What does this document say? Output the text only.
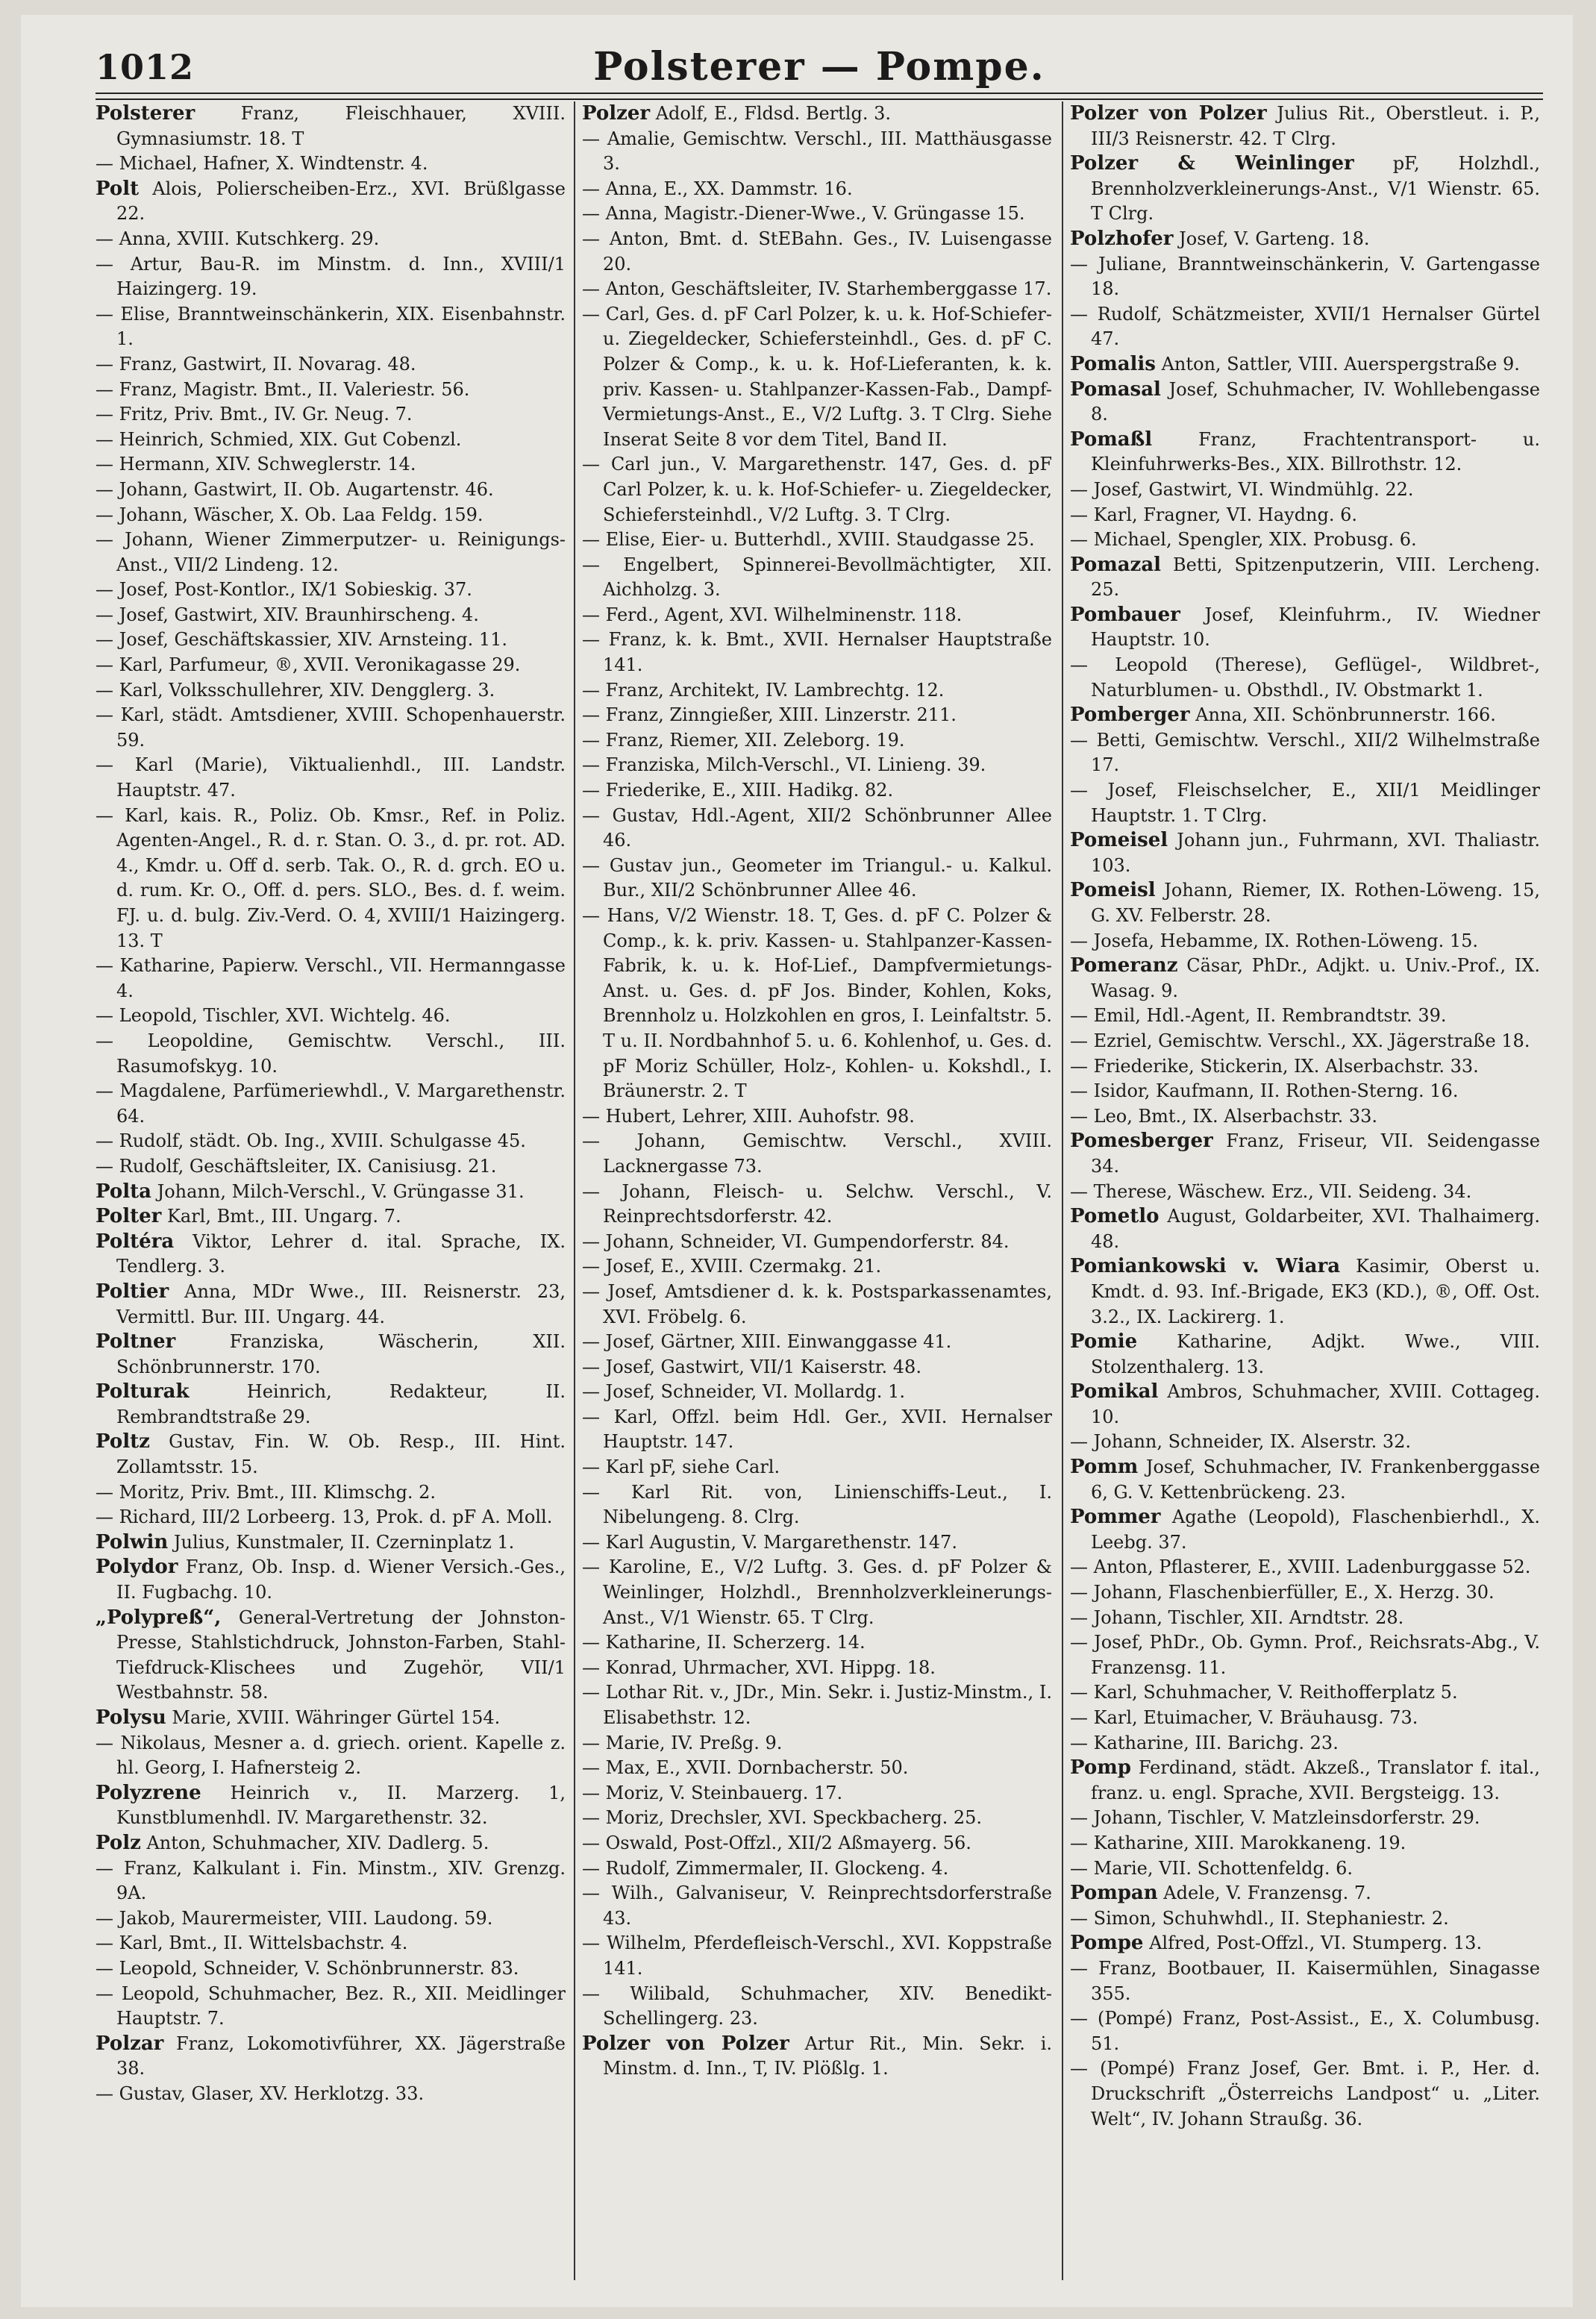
1012	Polsterer — Pompe.

Polsterer Franz, Fleischhauer, XVIII. Gymnasiumstr. 18. T

— Michael, Hafner, X. Windtenstr. 4.

Polt Alois, Polierscheiben-Erz., XVI. Brüßlgasse 22.

— Anna, XVIII. Kutschkerg. 29.

— Artur, Bau-R. im Minstm. d. Inn., XVIII/1 Haizingerg. 19.

— Elise, Branntweinschänkerin, XIX. Eisenbahnstr. 1.

— Franz, Gastwirt, II. Novarag. 48.

— Franz, Magistr. Bmt., II. Valeriestr. 56.

— Fritz, Priv. Bmt., IV. Gr. Neug. 7.

— Heinrich, Schmied, XIX. Gut Cobenzl.

— Hermann, XIV. Schweglerstr. 14.

— Johann, Gastwirt, II. Ob. Augartenstr. 46.

— Johann, Wäscher, X. Ob. Laa Feldg. 159.

— Johann, Wiener Zimmerputzer- u. Reinigungs-Anst., VII/2 Lindeng. 12.

— Josef, Post-Kontlor., IX/1 Sobieskig. 37.

— Josef, Gastwirt, XIV. Braunhirscheng. 4.

— Josef, Geschäftskassier, XIV. Arnsteing. 11.

— Karl, Parfumeur, ®, XVII. Veronikagasse 29.

— Karl, Volksschullehrer, XIV. Dengglerg. 3.

— Karl, städt. Amtsdiener, XVIII. Schopenhauerstr. 59.

— Karl (Marie), Viktualienhdl., III. Landstr. Hauptstr. 47.

— Karl, kais. R., Poliz. Ob. Kmsr., Ref. in Poliz. Agenten-Angel., R. d. r. Stan. O. 3., d. pr. rot. AD. 4., Kmdr. u. Off d. serb. Tak. O., R. d. grch. EO u. d. rum. Kr. O., Off. d. pers. SLO., Bes. d. f. weim. FJ. u. d. bulg. Ziv.-Verd. O. 4, XVIII/1 Haizingerg. 13. T

— Katharine, Papierw. Verschl., VII. Hermanngasse 4.

— Leopold, Tischler, XVI. Wichtelg. 46.

— Leopoldine, Gemischtw. Verschl., III. Rasumofskyg. 10.

— Magdalene, Parfümeriewhdl., V. Margarethenstr. 64.

— Rudolf, städt. Ob. Ing., XVIII. Schulgasse 45.

— Rudolf, Geschäftsleiter, IX. Canisiusg. 21.

Polta Johann, Milch-Verschl., V. Grüngasse 31.

Polter Karl, Bmt., III. Ungarg. 7.

Poltéra Viktor, Lehrer d. ital. Sprache, IX. Tendlerg. 3.

Poltier Anna, MDr Wwe., III. Reisnerstr. 23, Vermittl. Bur. III. Ungarg. 44.

Poltner Franziska, Wäscherin, XII. Schönbrunnerstr. 170.

Polturak Heinrich, Redakteur, II. Rembrandtstraße 29.

Poltz Gustav, Fin. W. Ob. Resp., III. Hint. Zollamtsstr. 15.

— Moritz, Priv. Bmt., III. Klimschg. 2.

— Richard, III/2 Lorbeerg. 13, Prok. d. pF A. Moll.

Polwin Julius, Kunstmaler, II. Czerninplatz 1.

Polydor Franz, Ob. Insp. d. Wiener Versich.-Ges., II. Fugbachg. 10.

„Polypreß“, General-Vertretung der Johnston-Presse, Stahlstichdruck, Johnston-Farben, Stahl-Tiefdruck-Klischees und Zugehör, VII/1 Westbahnstr. 58.

Polysu Marie, XVIII. Währinger Gürtel 154.

— Nikolaus, Mesner a. d. griech. orient. Kapelle z. hl. Georg, I. Hafnersteig 2.

Polyzrene Heinrich v., II. Marzerg. 1, Kunstblumenhdl. IV. Margarethenstr. 32.

Polz Anton, Schuhmacher, XIV. Dadlerg. 5.

— Franz, Kalkulant i. Fin. Minstm., XIV. Grenzg. 9A.

— Jakob, Maurermeister, VIII. Laudong. 59.

— Karl, Bmt., II. Wittelsbachstr. 4.

— Leopold, Schneider, V. Schönbrunnerstr. 83.

— Leopold, Schuhmacher, Bez. R., XII. Meidlinger Hauptstr. 7.

Polzar Franz, Lokomotivführer, XX. Jägerstraße 38.

— Gustav, Glaser, XV. Herklotzg. 33.

Polzer Adolf, E., Fldsd. Bertlg. 3.

— Amalie, Gemischtw. Verschl., III. Matthäusgasse 3.

— Anna, E., XX. Dammstr. 16.

— Anna, Magistr.-Diener-Wwe., V. Grüngasse 15.

— Anton, Bmt. d. StEBahn. Ges., IV. Luisengasse 20.

— Anton, Geschäftsleiter, IV. Starhemberggasse 17.

— Carl, Ges. d. pF Carl Polzer, k. u. k. Hof-Schiefer- u. Ziegeldecker, Schiefersteinhdl., Ges. d. pF C. Polzer & Comp., k. u. k. Hof-Lieferanten, k. k. priv. Kassen- u. Stahlpanzer-Kassen-Fab., Dampf-Vermietungs-Anst., E., V/2 Luftg. 3. T Clrg. Siehe Inserat Seite 8 vor dem Titel, Band II.

— Carl jun., V. Margarethenstr. 147, Ges. d. pF Carl Polzer, k. u. k. Hof-Schiefer- u. Ziegeldecker, Schiefersteinhdl., V/2 Luftg. 3. T Clrg.

— Elise, Eier- u. Butterhdl., XVIII. Staudgasse 25.

— Engelbert, Spinnerei-Bevollmächtigter, XII. Aichholzg. 3.

— Ferd., Agent, XVI. Wilhelminenstr. 118.

— Franz, k. k. Bmt., XVII. Hernalser Hauptstraße 141.

— Franz, Architekt, IV. Lambrechtg. 12.

— Franz, Zinngießer, XIII. Linzerstr. 211.

— Franz, Riemer, XII. Zeleborg. 19.

— Franziska, Milch-Verschl., VI. Linieng. 39.

— Friederike, E., XIII. Hadikg. 82.

— Gustav, Hdl.-Agent, XII/2 Schönbrunner Allee 46.

— Gustav jun., Geometer im Triangul.- u. Kalkul. Bur., XII/2 Schönbrunner Allee 46.

— Hans, V/2 Wienstr. 18. T, Ges. d. pF C. Polzer & Comp., k. k. priv. Kassen- u. Stahlpanzer-Kassen-Fabrik, k. u. k. Hof-Lief., Dampfvermietungs-Anst. u. Ges. d. pF Jos. Binder, Kohlen, Koks, Brennholz u. Holzkohlen en gros, I. Leinfaltstr. 5. T u. II. Nordbahnhof 5. u. 6. Kohlenhof, u. Ges. d. pF Moriz Schüller, Holz-, Kohlen- u. Kokshdl., I. Bräunerstr. 2. T

— Hubert, Lehrer, XIII. Auhofstr. 98.

— Johann, Gemischtw. Verschl., XVIII. Lacknergasse 73.

— Johann, Fleisch- u. Selchw. Verschl., V. Reinprechtsdorferstr. 42.

— Johann, Schneider, VI. Gumpendorferstr. 84.

— Josef, E., XVIII. Czermakg. 21.

— Josef, Amtsdiener d. k. k. Postsparkassenamtes, XVI. Fröbelg. 6.

— Josef, Gärtner, XIII. Einwanggasse 41.

— Josef, Gastwirt, VII/1 Kaiserstr. 48.

— Josef, Schneider, VI. Mollardg. 1.

— Karl, Offzl. beim Hdl. Ger., XVII. Hernalser Hauptstr. 147.

— Karl pF, siehe Carl.

— Karl Rit. von, Linienschiffs-Leut., I. Nibelungeng. 8. Clrg.

— Karl Augustin, V. Margarethenstr. 147.

— Karoline, E., V/2 Luftg. 3. Ges. d. pF Polzer & Weinlinger, Holzhdl., Brennholzverkleinerungs-Anst., V/1 Wienstr. 65. T Clrg.

— Katharine, II. Scherzerg. 14.

— Konrad, Uhrmacher, XVI. Hippg. 18.

— Lothar Rit. v., JDr., Min. Sekr. i. Justiz-Minstm., I. Elisabethstr. 12.

— Marie, IV. Preßg. 9.

— Max, E., XVII. Dornbacherstr. 50.

— Moriz, V. Steinbauerg. 17.

— Moriz, Drechsler, XVI. Speckbacherg. 25.

— Oswald, Post-Offzl., XII/2 Aßmayerg. 56.

— Rudolf, Zimmermaler, II. Glockeng. 4.

— Wilh., Galvaniseur, V. Reinprechtsdorferstraße 43.

— Wilhelm, Pferdefleisch-Verschl., XVI. Koppstraße 141.

— Wilibald, Schuhmacher, XIV. Benedikt-Schellingerg. 23.

Polzer von Polzer Artur Rit., Min. Sekr. i. Minstm. d. Inn., T, IV. Plößlg. 1.

Polzer von Polzer Julius Rit., Oberstleut. i. P., III/3 Reisnerstr. 42. T Clrg.

Polzer & Weinlinger pF, Holzhdl., Brennholzverkleinerungs-Anst., V/1 Wienstr. 65. T Clrg.

Polzhofer Josef, V. Garteng. 18.

— Juliane, Branntweinschänkerin, V. Gartengasse 18.

— Rudolf, Schätzmeister, XVII/1 Hernalser Gürtel 47.

Pomalis Anton, Sattler, VIII. Auerspergstraße 9.

Pomasal Josef, Schuhmacher, IV. Wohllebengasse 8.

Pomaßl Franz, Frachtentransport- u. Kleinfuhrwerks-Bes., XIX. Billrothstr. 12.

— Josef, Gastwirt, VI. Windmühlg. 22.

— Karl, Fragner, VI. Haydng. 6.

— Michael, Spengler, XIX. Probusg. 6.

Pomazal Betti, Spitzenputzerin, VIII. Lercheng. 25.

Pombauer Josef, Kleinfuhrm., IV. Wiedner Hauptstr. 10.

— Leopold (Therese), Geflügel-, Wildbret-, Naturblumen- u. Obsthdl., IV. Obstmarkt 1.

Pomberger Anna, XII. Schönbrunnerstr. 166.

— Betti, Gemischtw. Verschl., XII/2 Wilhelmstraße 17.

— Josef, Fleischselcher, E., XII/1 Meidlinger Hauptstr. 1. T Clrg.

Pomeisel Johann jun., Fuhrmann, XVI. Thaliastr. 103.

Pomeisl Johann, Riemer, IX. Rothen-Löweng. 15, G. XV. Felberstr. 28.

— Josefa, Hebamme, IX. Rothen-Löweng. 15.

Pomeranz Cäsar, PhDr., Adjkt. u. Univ.-Prof., IX. Wasag. 9.

— Emil, Hdl.-Agent, II. Rembrandtstr. 39.

— Ezriel, Gemischtw. Verschl., XX. Jägerstraße 18.

— Friederike, Stickerin, IX. Alserbachstr. 33.

— Isidor, Kaufmann, II. Rothen-Sterng. 16.

— Leo, Bmt., IX. Alserbachstr. 33.

Pomesberger Franz, Friseur, VII. Seidengasse 34.

— Therese, Wäschew. Erz., VII. Seideng. 34.

Pometlo August, Goldarbeiter, XVI. Thalhaimerg. 48.

Pomiankowski v. Wiara Kasimir, Oberst u. Kmdt. d. 93. Inf.-Brigade, EK3 (KD.), ®, Off. Ost. 3.2., IX. Lackirerg. 1.

Pomie Katharine, Adjkt. Wwe., VIII. Stolzenthalerg. 13.

Pomikal Ambros, Schuhmacher, XVIII. Cottageg. 10.

— Johann, Schneider, IX. Alserstr. 32.

Pomm Josef, Schuhmacher, IV. Frankenberggasse 6, G. V. Kettenbrückeng. 23.

Pommer Agathe (Leopold), Flaschenbierhdl., X. Leebg. 37.

— Anton, Pflasterer, E., XVIII. Ladenburggasse 52.

— Johann, Flaschenbierfüller, E., X. Herzg. 30.

— Johann, Tischler, XII. Arndtstr. 28.

— Josef, PhDr., Ob. Gymn. Prof., Reichsrats-Abg., V. Franzensg. 11.

— Karl, Schuhmacher, V. Reithofferplatz 5.

— Karl, Etuimacher, V. Bräuhausg. 73.

— Katharine, III. Barichg. 23.

Pomp Ferdinand, städt. Akzeß., Translator f. ital., franz. u. engl. Sprache, XVII. Bergsteigg. 13.

— Johann, Tischler, V. Matzleinsdorferstr. 29.

— Katharine, XIII. Marokkaneng. 19.

— Marie, VII. Schottenfeldg. 6.

Pompan Adele, V. Franzensg. 7.

— Simon, Schuhwhdl., II. Stephaniestr. 2.

Pompe Alfred, Post-Offzl., VI. Stumperg. 13.

— Franz, Bootbauer, II. Kaisermühlen, Sinagasse 355.

— (Pompé) Franz, Post-Assist., E., X. Columbusg. 51.

— (Pompé) Franz Josef, Ger. Bmt. i. P., Her. d. Druckschrift „Österreichs Landpost“ u. „Liter. Welt“, IV. Johann Straußg. 36.
